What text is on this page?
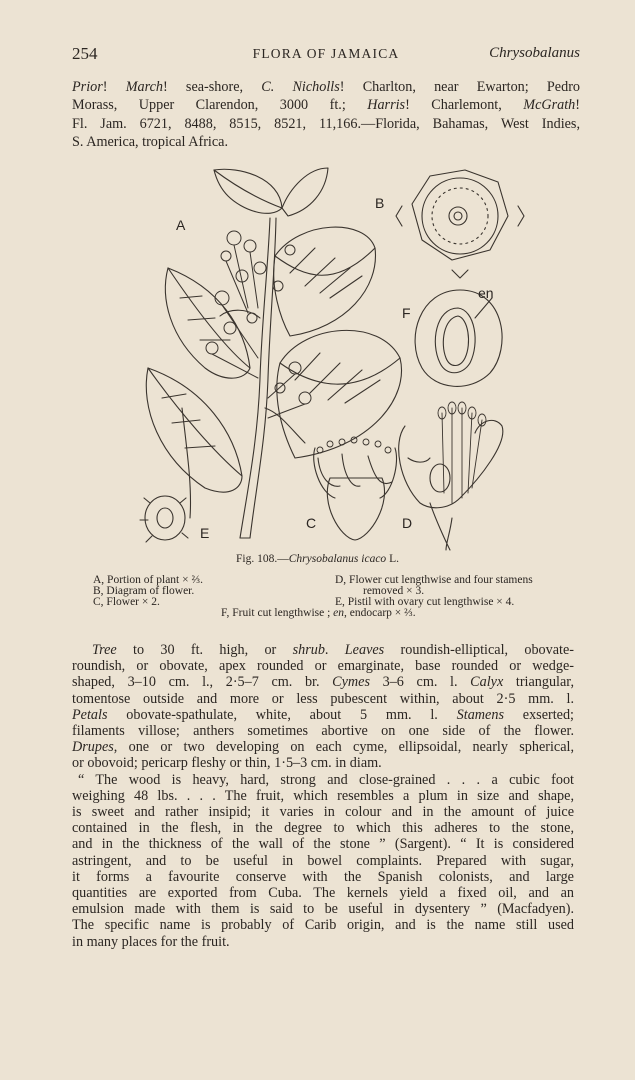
254	FLORA OF JAMAICA	Chrysobalanus
Prior! March! sea-shore, C. Nicholls! Charlton, near Ewarton; Pedro
Morass, Upper Clarendon, 3000 ft.; Harris! Charlemont, McGrath!
Fl. Jam. 6721, 8488, 8515, 8521, 11,166.—Florida, Bahamas, West Indies,
S. America, tropical Africa.
A
B
en
F
E
C	D
Fig. 108.—Chrysobalanus icaco L.
A, Portion of plant × ⅔.
B, Diagram of flower.
C, Flower × 2.
D, Flower cut lengthwise and four stamens
removed × 3.
E, Pistil with ovary cut lengthwise × 4.
F, Fruit cut lengthwise ; en, endocarp × ⅔.
Tree to 30 ft. high, or shrub. Leaves roundish-elliptical, obovate-
roundish, or obovate, apex rounded or emarginate, base rounded or wedge-
shaped, 3–10 cm. l., 2·5–7 cm. br. Cymes 3–6 cm. l. Calyx triangular,
tomentose outside and more or less pubescent within, about 2·5 mm. l.
Petals obovate-spathulate, white, about 5 mm. l. Stamens exserted;
filaments villose; anthers sometimes abortive on one side of the flower.
Drupes, one or two developing on each cyme, ellipsoidal, nearly spherical,
or obovoid; pericarp fleshy or thin, 1·5–3 cm. in diam.
“ The wood is heavy, hard, strong and close-grained . . . a cubic foot
weighing 48 lbs. . . . The fruit, which resembles a plum in size and shape,
is sweet and rather insipid; it varies in colour and in the amount of juice
contained in the flesh, in the degree to which this adheres to the stone,
and in the thickness of the wall of the stone ” (Sargent). “ It is considered
astringent, and to be useful in bowel complaints. Prepared with sugar,
it forms a favourite conserve with the Spanish colonists, and large
quantities are exported from Cuba. The kernels yield a fixed oil, and an
emulsion made with them is said to be useful in dysentery ” (Macfadyen).
The specific name is probably of Carib origin, and is the name still used
in many places for the fruit.
